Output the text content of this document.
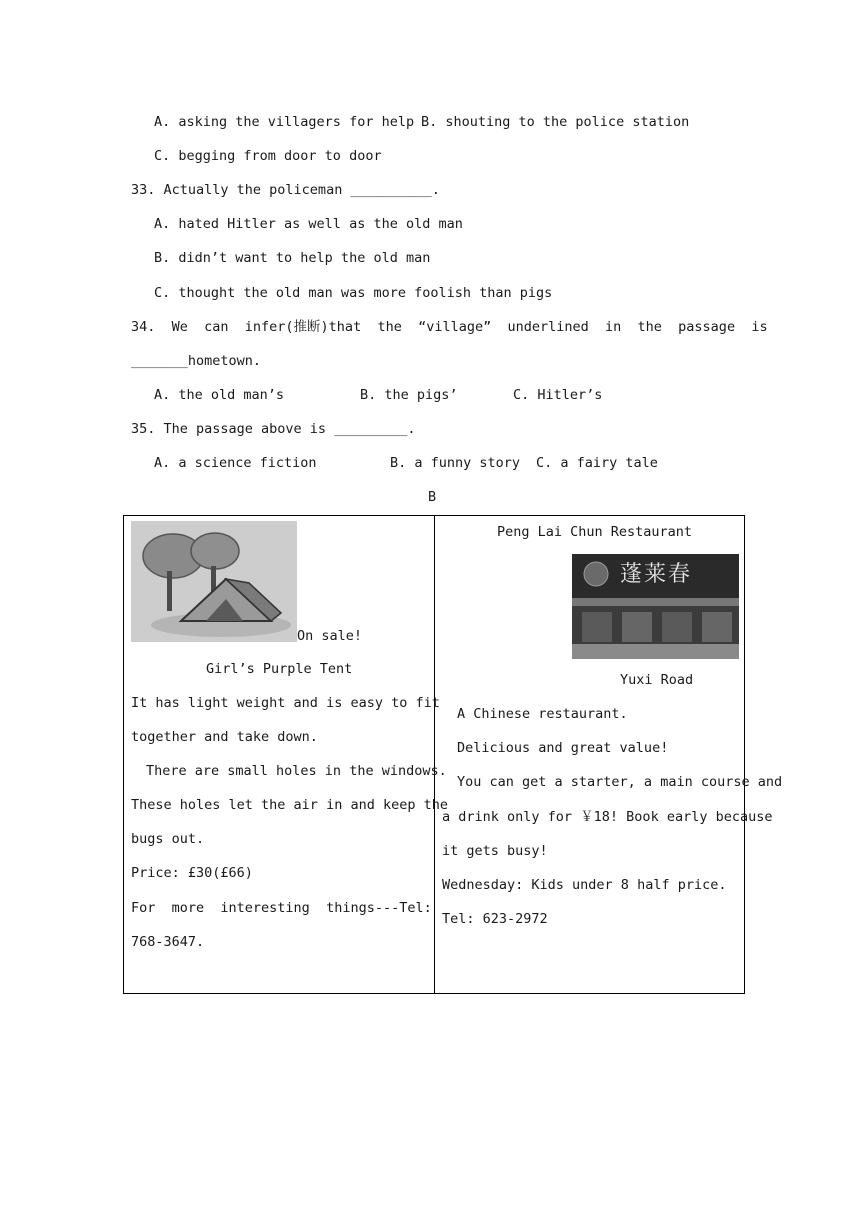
A. asking the villagers for help B. shouting to the police station
C. begging from door to door
33. Actually the policeman __________.
A. hated Hitler as well as the old man
B. didn’t want to help the old man
C. thought the old man was more foolish than pigs
34.  We  can  infer(推断)that  the  “village”  underlined  in  the  passage  is
_______hometown.
A. the old man’s	B. the pigs’	C. Hitler’s
35. The passage above is _________.
A. a science fiction	B. a funny story C. a fairy tale
B
On sale!
Girl’s Purple Tent
It has light weight and is easy to fit
together and take down.
There are small holes in the windows.
These holes let the air in and keep the
bugs out.
Price: £30(£66)
For  more  interesting  things---Tel:
768-3647.

Peng Lai Chun Restaurant
蓬莱春
Yuxi Road
A Chinese restaurant.
Delicious and great value!
You can get a starter, a main course and
a drink only for ￥18! Book early because
it gets busy!
Wednesday: Kids under 8 half price.
Tel: 623-2972
